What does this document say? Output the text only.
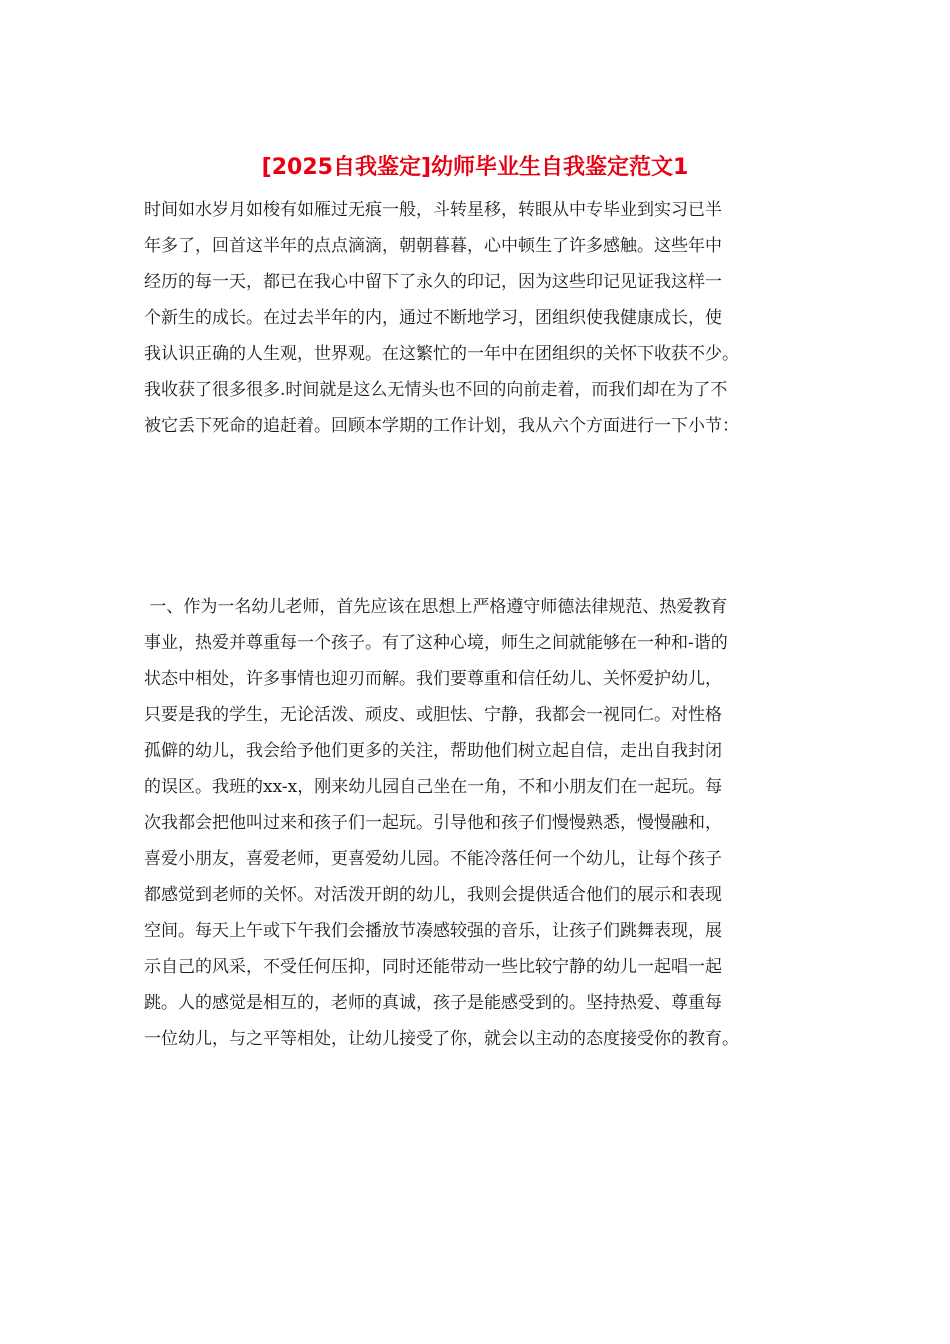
[2025自我鉴定]幼师毕业生自我鉴定范文1
时间如水岁月如梭有如雁过无痕一般，斗转星移，转眼从中专毕业到实习已半
年多了，回首这半年的点点滴滴，朝朝暮暮，心中顿生了许多感触。这些年中
经历的每一天，都已在我心中留下了永久的印记，因为这些印记见证我这样一
个新生的成长。在过去半年的内，通过不断地学习，团组织使我健康成长，使
我认识正确的人生观，世界观。在这繁忙的一年中在团组织的关怀下收获不少。
我收获了很多很多.时间就是这么无情头也不回的向前走着，而我们却在为了不
被它丢下死命的追赶着。回顾本学期的工作计划，我从六个方面进行一下小节：
一、作为一名幼儿老师，首先应该在思想上严格遵守师德法律规范、热爱教育
事业，热爱并尊重每一个孩子。有了这种心境，师生之间就能够在一种和-谐的
状态中相处，许多事情也迎刃而解。我们要尊重和信任幼儿、关怀爱护幼儿，
只要是我的学生，无论活泼、顽皮、或胆怯、宁静，我都会一视同仁。对性格
孤僻的幼儿，我会给予他们更多的关注，帮助他们树立起自信，走出自我封闭
的误区。我班的xx-x，刚来幼儿园自己坐在一角，不和小朋友们在一起玩。每
次我都会把他叫过来和孩子们一起玩。引导他和孩子们慢慢熟悉，慢慢融和，
喜爱小朋友，喜爱老师，更喜爱幼儿园。不能冷落任何一个幼儿，让每个孩子
都感觉到老师的关怀。对活泼开朗的幼儿，我则会提供适合他们的展示和表现
空间。每天上午或下午我们会播放节凑感较强的音乐，让孩子们跳舞表现，展
示自己的风采，不受任何压抑，同时还能带动一些比较宁静的幼儿一起唱一起
跳。人的感觉是相互的，老师的真诚，孩子是能感受到的。坚持热爱、尊重每
一位幼儿，与之平等相处，让幼儿接受了你，就会以主动的态度接受你的教育。
